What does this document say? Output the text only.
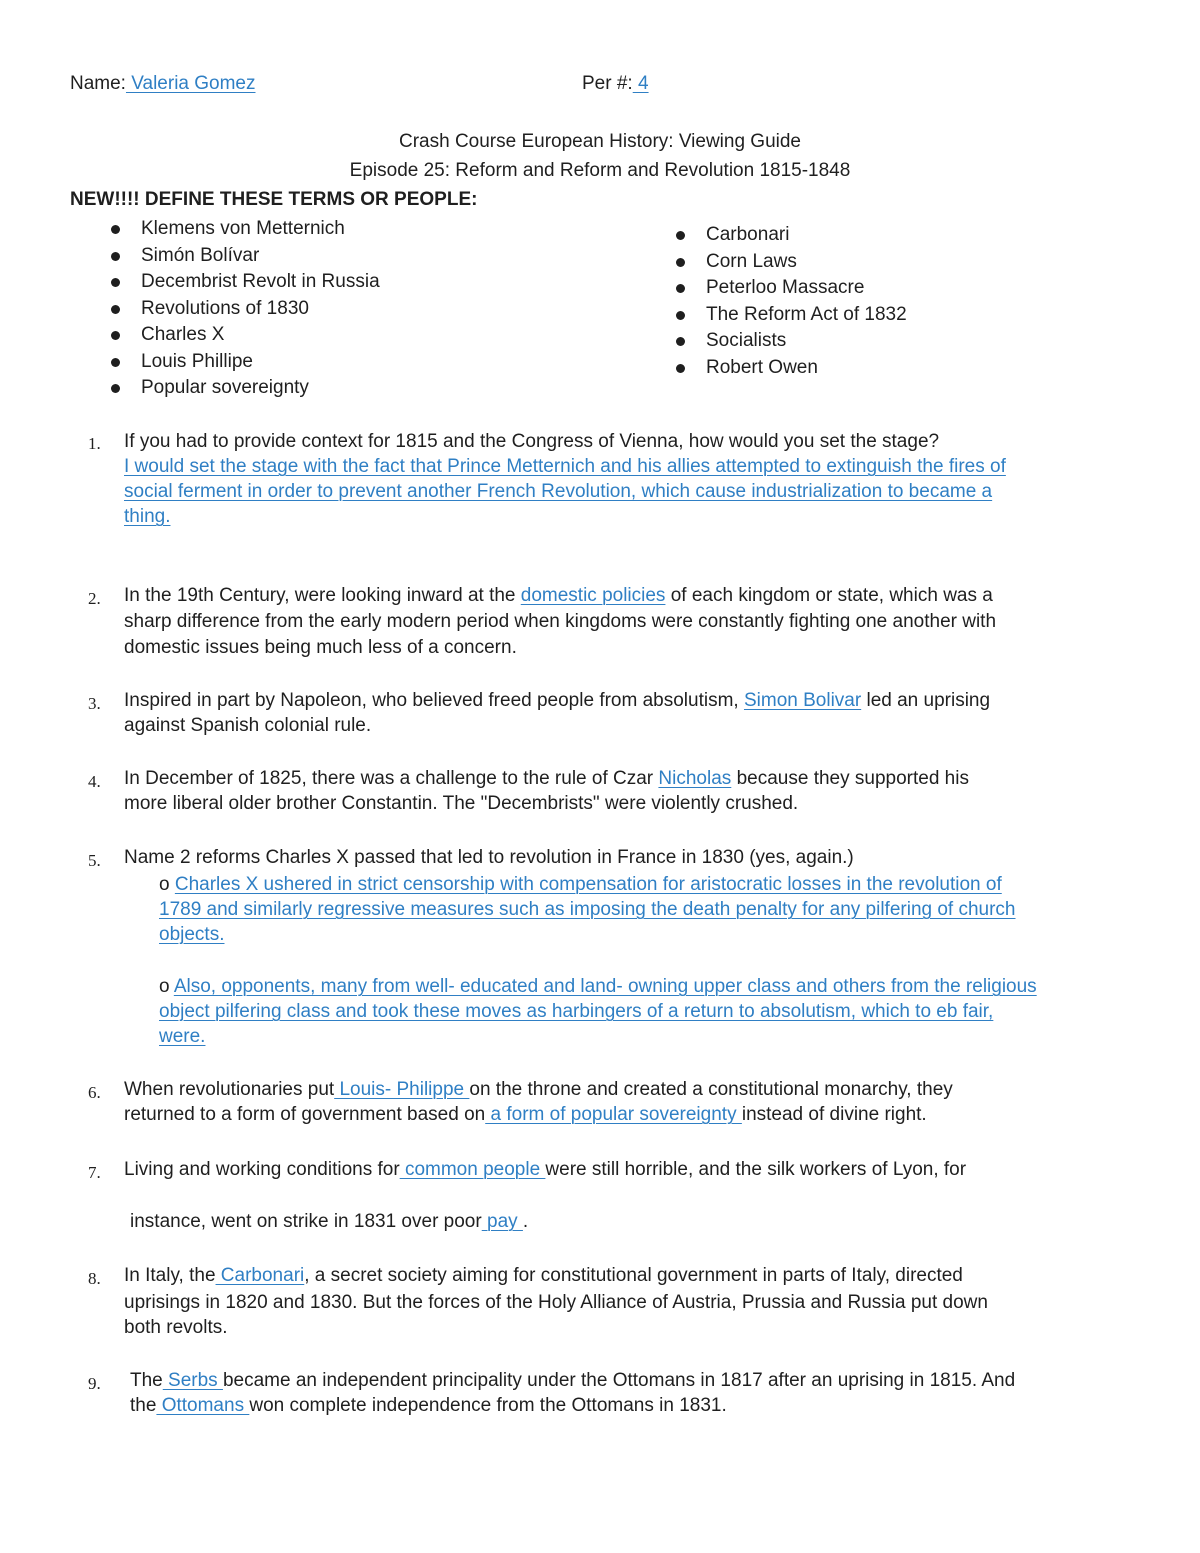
Name: Valeria Gomez	Per #: 4
Crash Course European History: Viewing Guide
Episode 25: Reform and Reform and Revolution 1815-1848
NEW!!!! DEFINE THESE TERMS OR PEOPLE:
Klemens von Metternich
Simón Bolívar
Decembrist Revolt in Russia
Revolutions of 1830
Charles X
Louis Phillipe
Popular sovereignty
Carbonari
Corn Laws
Peterloo Massacre
The Reform Act of 1832
Socialists
Robert Owen
1.	If you had to provide context for 1815 and the Congress of Vienna, how would you set the stage?
I would set the stage with the fact that Prince Metternich and his allies attempted to extinguish the fires of
social ferment in order to prevent another French Revolution, which cause industrialization to became a
thing.
2.	In the 19th Century, were looking inward at the domestic policies of each kingdom or state, which was a
sharp difference from the early modern period when kingdoms were constantly fighting one another with
domestic issues being much less of a concern.
3.	Inspired in part by Napoleon, who believed freed people from absolutism, Simon Bolivar led an uprising
against Spanish colonial rule.
4.	In December of 1825, there was a challenge to the rule of Czar Nicholas because they supported his
more liberal older brother Constantin. The "Decembrists" were violently crushed.
5.	Name 2 reforms Charles X passed that led to revolution in France in 1830 (yes, again.)
o Charles X ushered in strict censorship with compensation for aristocratic losses in the revolution of
1789 and similarly regressive measures such as imposing the death penalty for any pilfering of church
objects.
o Also, opponents, many from well- educated and land- owning upper class and others from the religious
object pilfering class and took these moves as harbingers of a return to absolutism, which to eb fair,
were.
6.	When revolutionaries put Louis- Philippe on the throne and created a constitutional monarchy, they
returned to a form of government based on a form of popular sovereignty instead of divine right.
7.	Living and working conditions for common people were still horrible, and the silk workers of Lyon, for
instance, went on strike in 1831 over poor pay .
8.	In Italy, the Carbonari, a secret society aiming for constitutional government in parts of Italy, directed
uprisings in 1820 and 1830. But the forces of the Holy Alliance of Austria, Prussia and Russia put down
both revolts.
9.	The Serbs became an independent principality under the Ottomans in 1817 after an uprising in 1815. And
the Ottomans won complete independence from the Ottomans in 1831.
